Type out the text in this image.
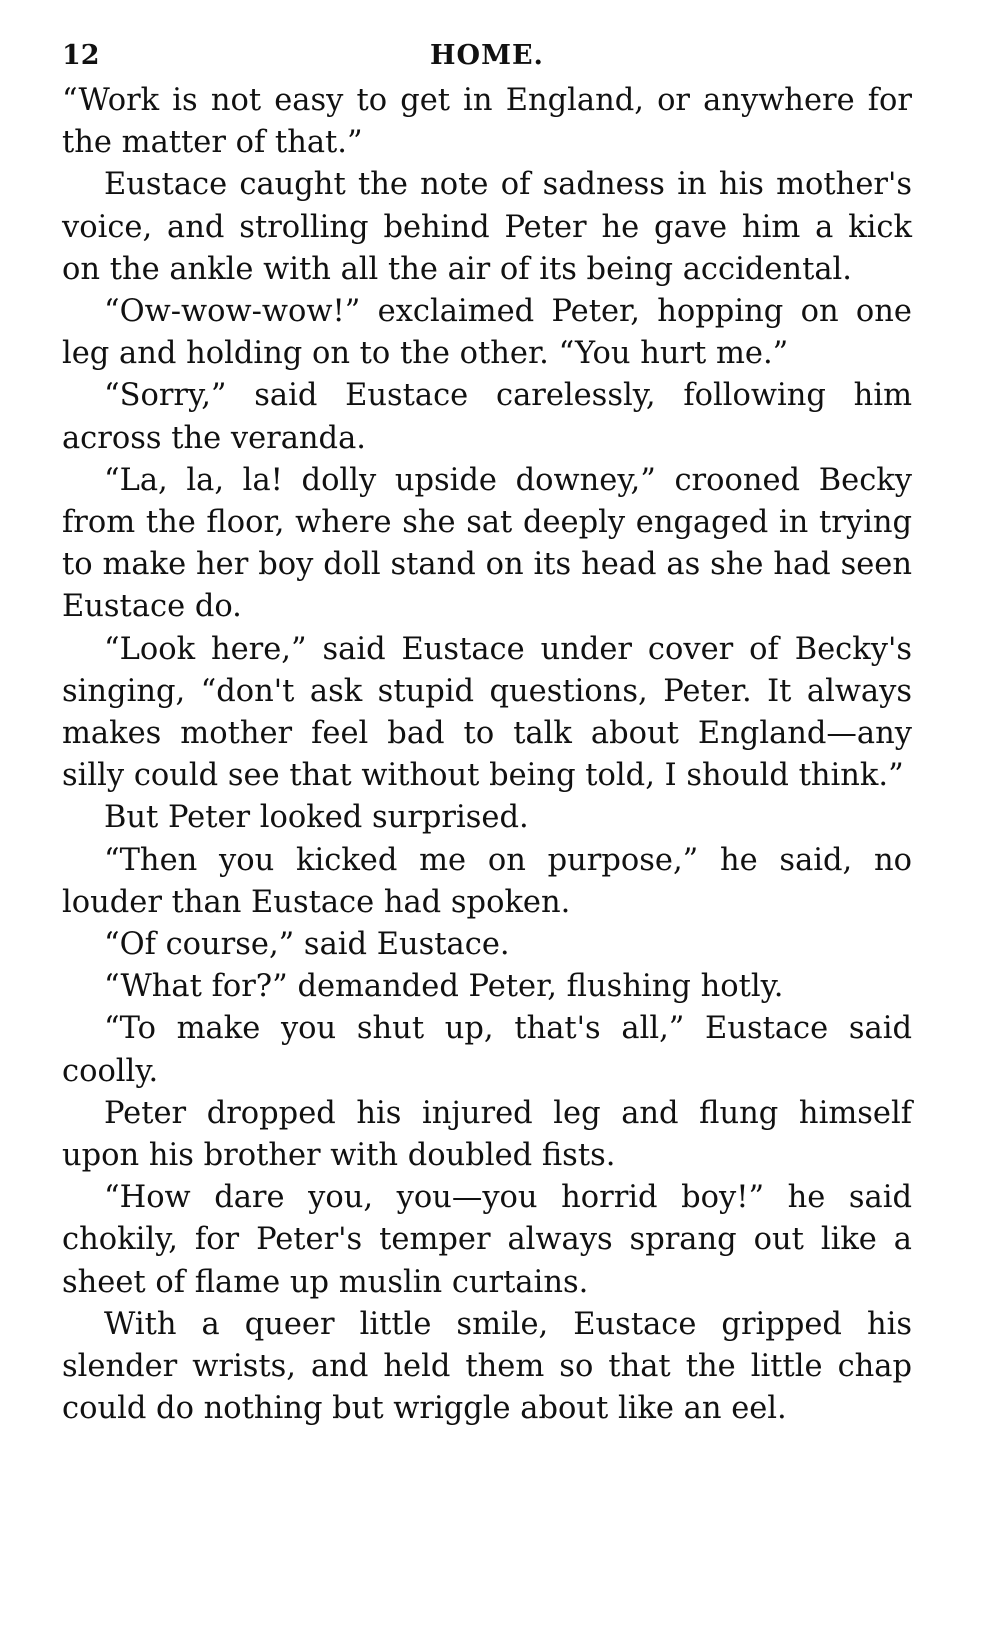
12	HOME.

“Work is not easy to get in England, or anywhere for the matter of that.”

Eustace caught the note of sadness in his mother's voice, and strolling behind Peter he gave him a kick on the ankle with all the air of its being accidental.

“Ow-wow-wow!” exclaimed Peter, hopping on one leg and holding on to the other. “You hurt me.”

“Sorry,” said Eustace carelessly, following him across the veranda.

“La, la, la! dolly upside downey,” crooned Becky from the floor, where she sat deeply engaged in trying to make her boy doll stand on its head as she had seen Eustace do.

“Look here,” said Eustace under cover of Becky's singing, “don't ask stupid questions, Peter. It always makes mother feel bad to talk about England—any silly could see that without being told, I should think.”

But Peter looked surprised.

“Then you kicked me on purpose,” he said, no louder than Eustace had spoken.

“Of course,” said Eustace.

“What for?” demanded Peter, flushing hotly.

“To make you shut up, that's all,” Eustace said coolly.

Peter dropped his injured leg and flung himself upon his brother with doubled fists.

“How dare you, you—you horrid boy!” he said chokily, for Peter's temper always sprang out like a sheet of flame up muslin curtains.

With a queer little smile, Eustace gripped his slender wrists, and held them so that the little chap could do nothing but wriggle about like an eel.
